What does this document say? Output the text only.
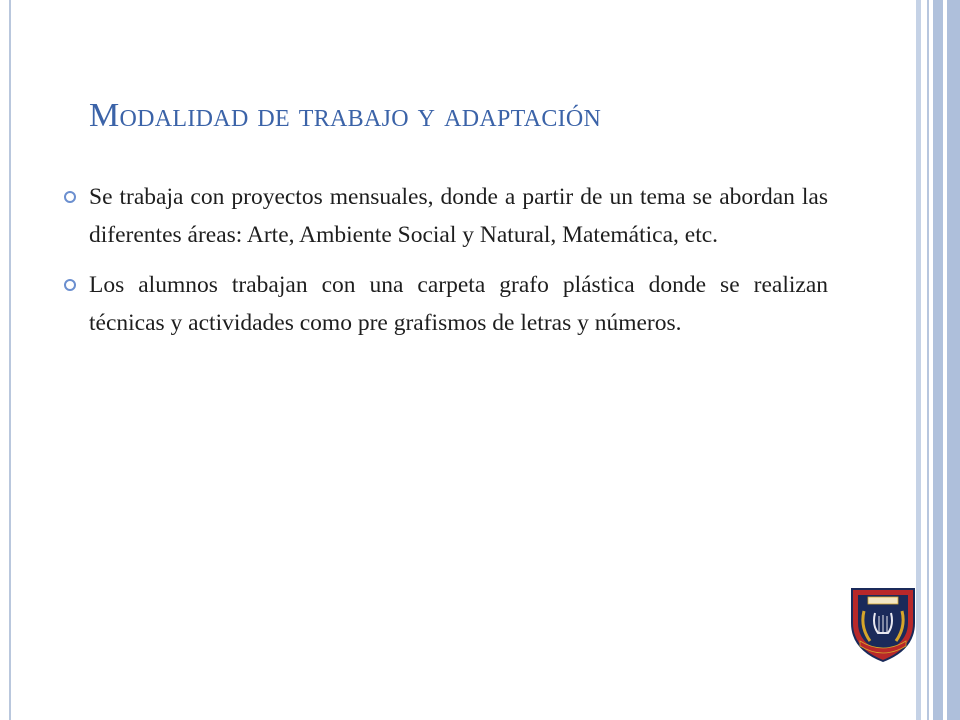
Modalidad de trabajo y adaptación
Se trabaja con proyectos mensuales, donde a partir de un tema se abordan las diferentes áreas: Arte, Ambiente Social y Natural, Matemática, etc.
Los alumnos trabajan con una carpeta grafo plástica donde se realizan técnicas y actividades como pre grafismos de letras y números.
